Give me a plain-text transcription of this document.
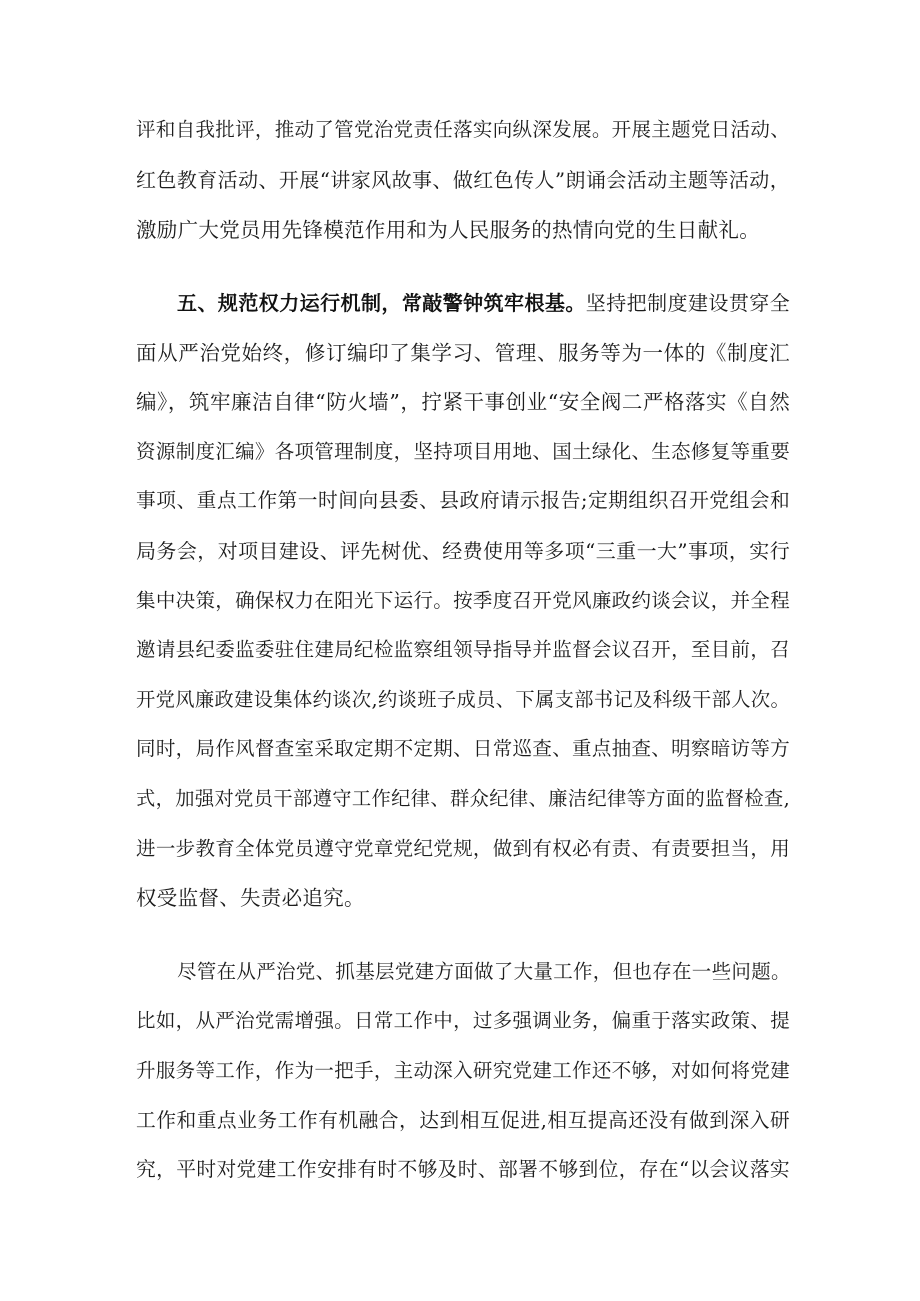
评和自我批评，推动了管党治党责任落实向纵深发展。开展主题党日活动、
红色教育活动、开展“讲家风故事、做红色传人”朗诵会活动主题等活动，
激励广大党员用先锋模范作用和为人民服务的热情向党的生日献礼。
五、规范权力运行机制，常敲警钟筑牢根基。坚持把制度建设贯穿全
面从严治党始终，修订编印了集学习、管理、服务等为一体的《制度汇
编》，筑牢廉洁自律“防火墙”，拧紧干事创业“安全阀二严格落实《自然
资源制度汇编》各项管理制度，坚持项目用地、国土绿化、生态修复等重要
事项、重点工作第一时间向县委、县政府请示报告;定期组织召开党组会和
局务会，对项目建设、评先树优、经费使用等多项“三重一大”事项，实行
集中决策，确保权力在阳光下运行。按季度召开党风廉政约谈会议，并全程
邀请县纪委监委驻住建局纪检监察组领导指导并监督会议召开，至目前，召
开党风廉政建设集体约谈次,约谈班子成员、下属支部书记及科级干部人次。
同时，局作风督查室采取定期不定期、日常巡查、重点抽查、明察暗访等方
式，加强对党员干部遵守工作纪律、群众纪律、廉洁纪律等方面的监督检查,
进一步教育全体党员遵守党章党纪党规，做到有权必有责、有责要担当，用
权受监督、失责必追究。
尽管在从严治党、抓基层党建方面做了大量工作，但也存在一些问题。
比如，从严治党需增强。日常工作中，过多强调业务，偏重于落实政策、提
升服务等工作，作为一把手，主动深入研究党建工作还不够，对如何将党建
工作和重点业务工作有机融合，达到相互促进,相互提高还没有做到深入研
究，平时对党建工作安排有时不够及时、部署不够到位，存在“以会议落实
